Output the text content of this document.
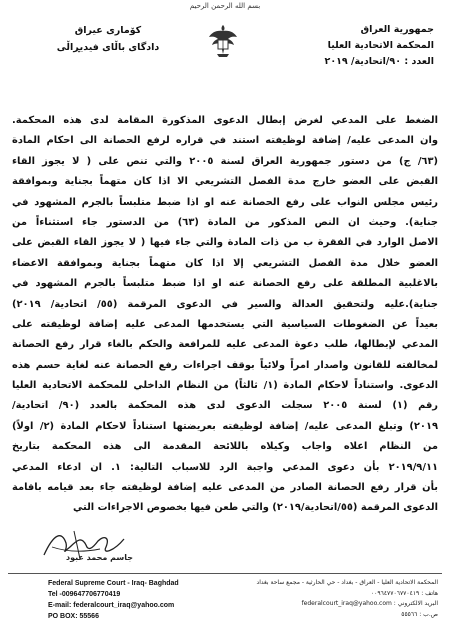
بسم الله الرحمن الرحيم
كۆماری عیراق
دادگای باڵای فیدیڕاڵی
جمهورية العراق
المحكمة الاتحادية العليا
العدد : ٩٠/اتحادية/ ٢٠١٩
الضغط على المدعي لغرض إبطال الدعوى المذكورة المقامة لدى هذه المحكمة.
وان المدعى عليه/ إضافة لوظيفته استند في قراره لرفع الحصانة الى احكام المادة
(٦٣/ ج) من دستور جمهورية العراق لسنة ٢٠٠٥ والتي تنص على ( لا يجوز القاء
القبض على العضو خارج مدة الفصل التشريعي الا اذا كان متهماً بجناية وبموافقة
رئيس مجلس النواب على رفع الحصانة عنه او اذا ضبط متلبساً بالجرم المشهود في
جناية). وحيث ان النص المذكور من المادة (٦٣) من الدستور جاء استثناءاً من
الاصل الوارد في الفقرة ب من ذات المادة والتي جاء فيها ( لا يجوز القاء القبض على
العضو خلال مدة الفصل التشريعي إلا اذا كان متهماً بجناية وبموافقة الاعضاء
بالاغلبية المطلقة على رفع الحصانة عنه او اذا ضبط متلبساً بالجرم المشهود في
جناية).عليه ولتحقيق العدالة والسير في الدعوى المرقمة (٥٥/ اتحادية/ ٢٠١٩)
بعيداً عن الضغوطات السياسية التي يستخدمها المدعى عليه إضافة لوظيفته على
المدعي لإبطالها، طلب دعوة المدعى عليه للمرافعة والحكم بالغاء قرار رفع الحصانة
لمخالفته للقانون واصدار امراً ولائياً بوقف اجراءات رفع الحصانة عنه لغاية حسم هذه
الدعوى. واستناداً لاحكام المادة (١/ ثالثاً) من النظام الداخلي للمحكمة الاتحادية العليا
رقم (١) لسنة ٢٠٠٥ سجلت الدعوى لدى هذه المحكمة بالعدد (٩٠/ اتحادية/
٢٠١٩) وتبلغ المدعى عليه/ إضافة لوظيفته بعريضتها استناداً لاحكام المادة (٢/ اولاً)
من النظام اعلاه واجاب وكيلاه باللائحة المقدمة الى هذه المحكمة بتاريخ
٢٠١٩/٩/١١ بأن دعوى المدعي واجبة الرد للاسباب التالية: ١. ان ادعاء المدعي
بأن قرار رفع الحصانة الصادر من المدعى عليه إضافة لوظيفته جاء بعد قيامه باقامة
الدعوى المرقمة (٥٥/اتحادية/٢٠١٩) والتي طعن فيها بخصوص الاجراءات التي
جاسم محمد عبود
Federal Supreme Court - Iraq- Baghdad
Tel -009647706770419
E-mail: federalcourt_iraq@yahoo.com
PO BOX: 55566
المحكمة الاتحادية العليا - العراق - بغداد - حي الحارثية - مجمع ساحة بغداد
هاتف : ٠٠٩٦٤٧٧٠٦٧٧٠٤١٩
البريد الالكتروني : federalcourt_iraq@yahoo.com
ص.ب : ٥٥٥٦٦
